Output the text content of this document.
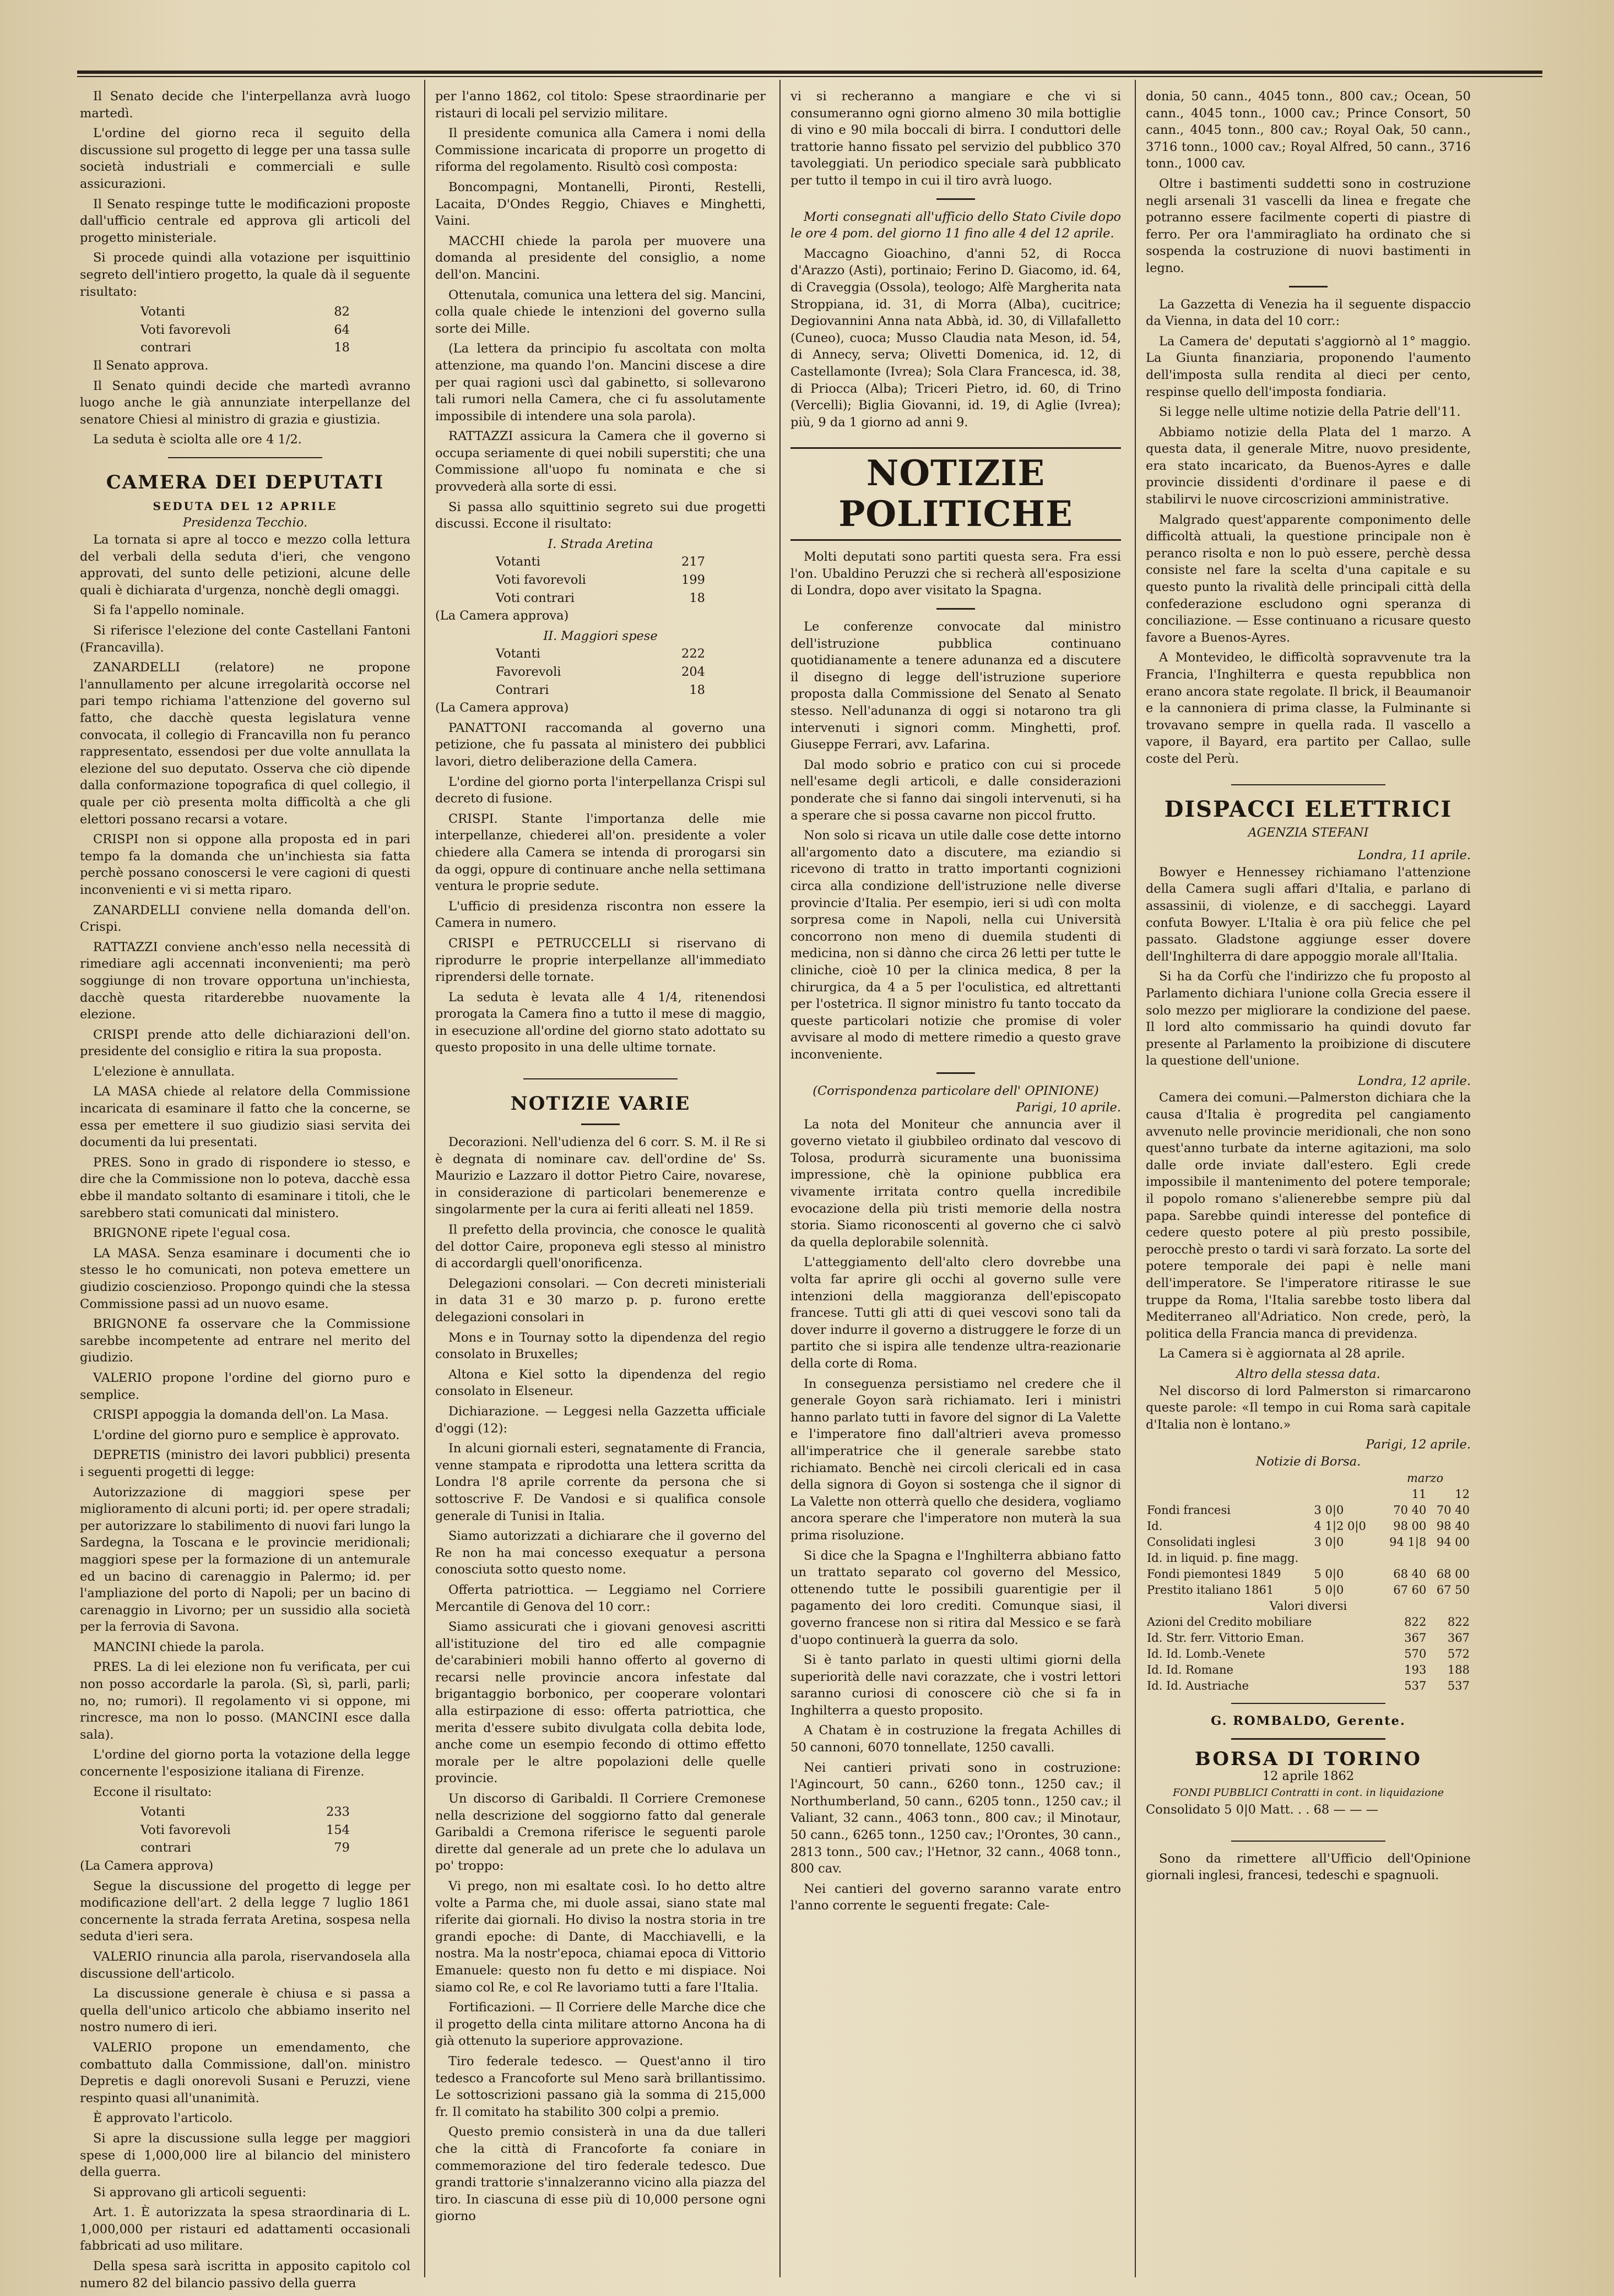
Il Senato decide che l'interpellanza avrà luogo martedì.

L'ordine del giorno reca il seguito della discussione sul progetto di legge per una tassa sulle società industriali e commerciali e sulle assicurazioni.

Il Senato respinge tutte le modificazioni proposte dall'ufficio centrale ed approva gli articoli del progetto ministeriale.

Si procede quindi alla votazione per isquittinio segreto dell'intiero progetto, la quale dà il seguente risultato:

Votanti	82
Voti favorevoli	64
contrari	18

Il Senato approva.

Il Senato quindi decide che martedì avranno luogo anche le già annunziate interpellanze del senatore Chiesi al ministro di grazia e giustizia.

La seduta è sciolta alle ore 4 1/2.

CAMERA DEI DEPUTATI
SEDUTA DEL 12 APRILE
Presidenza Tecchio.

La tornata si apre al tocco e mezzo colla lettura del verbali della seduta d'ieri, che vengono approvati, del sunto delle petizioni, alcune delle quali è dichiarata d'urgenza, nonchè degli omaggi.

Si fa l'appello nominale.

Si riferisce l'elezione del conte Castellani Fantoni (Francavilla).

ZANARDELLI (relatore) ne propone l'annullamento per alcune irregolarità occorse nel pari tempo richiama l'attenzione del governo sul fatto, che dacchè questa legislatura venne convocata, il collegio di Francavilla non fu peranco rappresentato, essendosi per due volte annullata la elezione del suo deputato. Osserva che ciò dipende dalla conformazione topografica di quel collegio, il quale per ciò presenta molta difficoltà a che gli elettori possano recarsi a votare.

CRISPI non si oppone alla proposta ed in pari tempo fa la domanda che un'inchiesta sia fatta perchè possano conoscersi le vere cagioni di questi inconvenienti e vi si metta riparo.

ZANARDELLI conviene nella domanda dell'on. Crispi.

RATTAZZI conviene anch'esso nella necessità di rimediare agli accennati inconvenienti; ma però soggiunge di non trovare opportuna un'inchiesta, dacchè questa ritarderebbe nuovamente la elezione.

CRISPI prende atto delle dichiarazioni dell'on. presidente del consiglio e ritira la sua proposta.

L'elezione è annullata.

LA MASA chiede al relatore della Commissione incaricata di esaminare il fatto che la concerne, se essa per emettere il suo giudizio siasi servita dei documenti da lui presentati.

PRES. Sono in grado di rispondere io stesso, e dire che la Commissione non lo poteva, dacchè essa ebbe il mandato soltanto di esaminare i titoli, che le sarebbero stati comunicati dal ministero.

BRIGNONE ripete l'egual cosa.

LA MASA. Senza esaminare i documenti che io stesso le ho comunicati, non poteva emettere un giudizio coscienzioso. Propongo quindi che la stessa Commissione passi ad un nuovo esame.

BRIGNONE fa osservare che la Commissione sarebbe incompetente ad entrare nel merito del giudizio.

VALERIO propone l'ordine del giorno puro e semplice.

CRISPI appoggia la domanda dell'on. La Masa.

L'ordine del giorno puro e semplice è approvato.

DEPRETIS (ministro dei lavori pubblici) presenta i seguenti progetti di legge:

Autorizzazione di maggiori spese per miglioramento di alcuni porti; id. per opere stradali; per autorizzare lo stabilimento di nuovi fari lungo la Sardegna, la Toscana e le provincie meridionali; maggiori spese per la formazione di un antemurale ed un bacino di carenaggio in Palermo; id. per l'ampliazione del porto di Napoli; per un bacino di carenaggio in Livorno; per un sussidio alla società per la ferrovia di Savona.

MANCINI chiede la parola.

PRES. La di lei elezione non fu verificata, per cui non posso accordarle la parola. (Sì, sì, parli, parli; no, no; rumori). Il regolamento vi si oppone, mi rincresce, ma non lo posso. (MANCINI esce dalla sala).

L'ordine del giorno porta la votazione della legge concernente l'esposizione italiana di Firenze.

Eccone il risultato:

Votanti	233
Voti favorevoli	154
contrari	79

(La Camera approva)

Segue la discussione del progetto di legge per modificazione dell'art. 2 della legge 7 luglio 1861 concernente la strada ferrata Aretina, sospesa nella seduta d'ieri sera.

VALERIO rinuncia alla parola, riservandosela alla discussione dell'articolo.

La discussione generale è chiusa e si passa a quella dell'unico articolo che abbiamo inserito nel nostro numero di ieri.

VALERIO propone un emendamento, che combattuto dalla Commissione, dall'on. ministro Depretis e dagli onorevoli Susani e Peruzzi, viene respinto quasi all'unanimità.

È approvato l'articolo.

Si apre la discussione sulla legge per maggiori spese di 1,000,000 lire al bilancio del ministero della guerra.

Si approvano gli articoli seguenti:

Art. 1. È autorizzata la spesa straordinaria di L. 1,000,000 per ristauri ed adattamenti occasionali fabbricati ad uso militare.

Della spesa sarà iscritta in apposito capitolo col numero 82 del bilancio passivo della guerra

per l'anno 1862, col titolo: Spese straordinarie per ristauri di locali pel servizio militare.

Il presidente comunica alla Camera i nomi della Commissione incaricata di proporre un progetto di riforma del regolamento. Risultò così composta:

Boncompagni, Montanelli, Pironti, Restelli, Lacaita, D'Ondes Reggio, Chiaves e Minghetti, Vaini.

MACCHI chiede la parola per muovere una domanda al presidente del consiglio, a nome dell'on. Mancini.

Ottenutala, comunica una lettera del sig. Mancini, colla quale chiede le intenzioni del governo sulla sorte dei Mille.

(La lettera da principio fu ascoltata con molta attenzione, ma quando l'on. Mancini discese a dire per quai ragioni uscì dal gabinetto, si sollevarono tali rumori nella Camera, che ci fu assolutamente impossibile di intendere una sola parola).

RATTAZZI assicura la Camera che il governo si occupa seriamente di quei nobili superstiti; che una Commissione all'uopo fu nominata e che si provvederà alla sorte di essi.

Si passa allo squittinio segreto sui due progetti discussi. Eccone il risultato:

I. Strada Aretina
Votanti	217
Voti favorevoli	199
Voti contrari	18

(La Camera approva)

II. Maggiori spese
Votanti	222
Favorevoli	204
Contrari	18

(La Camera approva)

PANATTONI raccomanda al governo una petizione, che fu passata al ministero dei pubblici lavori, dietro deliberazione della Camera.

L'ordine del giorno porta l'interpellanza Crispi sul decreto di fusione.

CRISPI. Stante l'importanza delle mie interpellanze, chiederei all'on. presidente a voler chiedere alla Camera se intenda di prorogarsi sin da oggi, oppure di continuare anche nella settimana ventura le proprie sedute.

L'ufficio di presidenza riscontra non essere la Camera in numero.

CRISPI e PETRUCCELLI si riservano di riprodurre le proprie interpellanze all'immediato riprendersi delle tornate.

La seduta è levata alle 4 1/4, ritenendosi prorogata la Camera fino a tutto il mese di maggio, in esecuzione all'ordine del giorno stato adottato su questo proposito in una delle ultime tornate.

NOTIZIE VARIE

Decorazioni. Nell'udienza del 6 corr. S. M. il Re si è degnata di nominare cav. dell'ordine de' Ss. Maurizio e Lazzaro il dottor Pietro Caire, novarese, in considerazione di particolari benemerenze e singolarmente per la cura ai feriti alleati nel 1859.

Il prefetto della provincia, che conosce le qualità del dottor Caire, proponeva egli stesso al ministro di accordargli quell'onorificenza.

Delegazioni consolari. — Con decreti ministeriali in data 31 e 30 marzo p. p. furono erette delegazioni consolari in

Mons e in Tournay sotto la dipendenza del regio consolato in Bruxelles;

Altona e Kiel sotto la dipendenza del regio consolato in Elseneur.

Dichiarazione. — Leggesi nella Gazzetta ufficiale d'oggi (12):

In alcuni giornali esteri, segnatamente di Francia, venne stampata e riprodotta una lettera scritta da Londra l'8 aprile corrente da persona che si sottoscrive F. De Vandosi e si qualifica console generale di Tunisi in Italia.

Siamo autorizzati a dichiarare che il governo del Re non ha mai concesso exequatur a persona conosciuta sotto questo nome.

Offerta patriottica. — Leggiamo nel Corriere Mercantile di Genova del 10 corr.:

Siamo assicurati che i giovani genovesi ascritti all'istituzione del tiro ed alle compagnie de'carabinieri mobili hanno offerto al governo di recarsi nelle provincie ancora infestate dal brigantaggio borbonico, per cooperare volontari alla estirpazione di esso: offerta patriottica, che merita d'essere subito divulgata colla debita lode, anche come un esempio fecondo di ottimo effetto morale per le altre popolazioni delle quelle provincie.

Un discorso di Garibaldi. Il Corriere Cremonese nella descrizione del soggiorno fatto dal generale Garibaldi a Cremona riferisce le seguenti parole dirette dal generale ad un prete che lo adulava un po' troppo:

Vi prego, non mi esaltate così. Io ho detto altre volte a Parma che, mi duole assai, siano state mal riferite dai giornali. Ho diviso la nostra storia in tre grandi epoche: di Dante, di Macchiavelli, e la nostra. Ma la nostr'epoca, chiamai epoca di Vittorio Emanuele: questo non fu detto e mi dispiace. Noi siamo col Re, e col Re lavoriamo tutti a fare l'Italia.

Fortificazioni. — Il Corriere delle Marche dice che il progetto della cinta militare attorno Ancona ha di già ottenuto la superiore approvazione.

Tiro federale tedesco. — Quest'anno il tiro tedesco a Francoforte sul Meno sarà brillantissimo. Le sottoscrizioni passano già la somma di 215,000 fr. Il comitato ha stabilito 300 colpi a premio.

Questo premio consisterà in una da due talleri che la città di Francoforte fa coniare in commemorazione del tiro federale tedesco. Due grandi trattorie s'innalzeranno vicino alla piazza del tiro. In ciascuna di esse più di 10,000 persone ogni giorno

vi si recheranno a mangiare e che vi si consumeranno ogni giorno almeno 30 mila bottiglie di vino e 90 mila boccali di birra. I conduttori delle trattorie hanno fissato pel servizio del pubblico 370 tavoleggiati. Un periodico speciale sarà pubblicato per tutto il tempo in cui il tiro avrà luogo.

Morti consegnati all'ufficio dello Stato Civile dopo le ore 4 pom. del giorno 11 fino alle 4 del 12 aprile.

Maccagno Gioachino, d'anni 52, di Rocca d'Arazzo (Asti), portinaio; Ferino D. Giacomo, id. 64, di Craveggia (Ossola), teologo; Alfè Margherita nata Stroppiana, id. 31, di Morra (Alba), cucitrice; Degiovannini Anna nata Abbà, id. 30, di Villafalletto (Cuneo), cuoca; Musso Claudia nata Meson, id. 54, di Annecy, serva; Olivetti Domenica, id. 12, di Castellamonte (Ivrea); Sola Clara Francesca, id. 38, di Priocca (Alba); Triceri Pietro, id. 60, di Trino (Vercelli); Biglia Giovanni, id. 19, di Aglie (Ivrea); più, 9 da 1 giorno ad anni 9.

NOTIZIE POLITICHE

Molti deputati sono partiti questa sera. Fra essi l'on. Ubaldino Peruzzi che si recherà all'esposizione di Londra, dopo aver visitato la Spagna.

Le conferenze convocate dal ministro dell'istruzione pubblica continuano quotidianamente a tenere adunanza ed a discutere il disegno di legge dell'istruzione superiore proposta dalla Commissione del Senato al Senato stesso. Nell'adunanza di oggi si notarono tra gli intervenuti i signori comm. Minghetti, prof. Giuseppe Ferrari, avv. Lafarina.

Dal modo sobrio e pratico con cui si procede nell'esame degli articoli, e dalle considerazioni ponderate che si fanno dai singoli intervenuti, si ha a sperare che si possa cavarne non piccol frutto.

Non solo si ricava un utile dalle cose dette intorno all'argomento dato a discutere, ma eziandio si ricevono di tratto in tratto importanti cognizioni circa alla condizione dell'istruzione nelle diverse provincie d'Italia. Per esempio, ieri si udì con molta sorpresa come in Napoli, nella cui Università concorrono non meno di duemila studenti di medicina, non si dànno che circa 26 letti per tutte le cliniche, cioè 10 per la clinica medica, 8 per la chirurgica, da 4 a 5 per l'oculistica, ed altrettanti per l'ostetrica. Il signor ministro fu tanto toccato da queste particolari notizie che promise di voler avvisare al modo di mettere rimedio a questo grave inconveniente.

(Corrispondenza particolare dell' OPINIONE)
Parigi, 10 aprile.

La nota del Moniteur che annuncia aver il governo vietato il giubbileo ordinato dal vescovo di Tolosa, produrrà sicuramente una buonissima impressione, chè la opinione pubblica era vivamente irritata contro quella incredibile evocazione della più tristi memorie della nostra storia. Siamo riconoscenti al governo che ci salvò da quella deplorabile solennità.

L'atteggiamento dell'alto clero dovrebbe una volta far aprire gli occhi al governo sulle vere intenzioni della maggioranza dell'episcopato francese. Tutti gli atti di quei vescovi sono tali da dover indurre il governo a distruggere le forze di un partito che si ispira alle tendenze ultra-reazionarie della corte di Roma.

In conseguenza persistiamo nel credere che il generale Goyon sarà richiamato. Ieri i ministri hanno parlato tutti in favore del signor di La Valette e l'imperatore fino dall'altrieri aveva promesso all'imperatrice che il generale sarebbe stato richiamato. Benchè nei circoli clericali ed in casa della signora di Goyon si sostenga che il signor di La Valette non otterrà quello che desidera, vogliamo ancora sperare che l'imperatore non muterà la sua prima risoluzione.

Si dice che la Spagna e l'Inghilterra abbiano fatto un trattato separato col governo del Messico, ottenendo tutte le possibili guarentigie per il pagamento dei loro crediti. Comunque siasi, il governo francese non si ritira dal Messico e se farà d'uopo continuerà la guerra da solo.

Si è tanto parlato in questi ultimi giorni della superiorità delle navi corazzate, che i vostri lettori saranno curiosi di conoscere ciò che si fa in Inghilterra a questo proposito.

A Chatam è in costruzione la fregata Achilles di 50 cannoni, 6070 tonnellate, 1250 cavalli.

Nei cantieri privati sono in costruzione: l'Agincourt, 50 cann., 6260 tonn., 1250 cav.; il Northumberland, 50 cann., 6205 tonn., 1250 cav.; il Valiant, 32 cann., 4063 tonn., 800 cav.; il Minotaur, 50 cann., 6265 tonn., 1250 cav.; l'Orontes, 30 cann., 2813 tonn., 500 cav.; l'Hetnor, 32 cann., 4068 tonn., 800 cav.

Nei cantieri del governo saranno varate entro l'anno corrente le seguenti fregate: Cale-

donia, 50 cann., 4045 tonn., 800 cav.; Ocean, 50 cann., 4045 tonn., 1000 cav.; Prince Consort, 50 cann., 4045 tonn., 800 cav.; Royal Oak, 50 cann., 3716 tonn., 1000 cav.; Royal Alfred, 50 cann., 3716 tonn., 1000 cav.

Oltre i bastimenti suddetti sono in costruzione negli arsenali 31 vascelli da linea e fregate che potranno essere facilmente coperti di piastre di ferro. Per ora l'ammiragliato ha ordinato che si sospenda la costruzione di nuovi bastimenti in legno.

La Gazzetta di Venezia ha il seguente dispaccio da Vienna, in data del 10 corr.:

La Camera de' deputati s'aggiornò al 1° maggio. La Giunta finanziaria, proponendo l'aumento dell'imposta sulla rendita al dieci per cento, respinse quello dell'imposta fondiaria.

Si legge nelle ultime notizie della Patrie dell'11.

Abbiamo notizie della Plata del 1 marzo. A questa data, il generale Mitre, nuovo presidente, era stato incaricato, da Buenos-Ayres e dalle provincie dissidenti d'ordinare il paese e di stabilirvi le nuove circoscrizioni amministrative.

Malgrado quest'apparente componimento delle difficoltà attuali, la questione principale non è peranco risolta e non lo può essere, perchè dessa consiste nel fare la scelta d'una capitale e su questo punto la rivalità delle principali città della confederazione escludono ogni speranza di conciliazione. — Esse continuano a ricusare questo favore a Buenos-Ayres.

A Montevideo, le difficoltà sopravvenute tra la Francia, l'Inghilterra e questa repubblica non erano ancora state regolate. Il brick, il Beaumanoir e la cannoniera di prima classe, la Fulminante si trovavano sempre in quella rada. Il vascello a vapore, il Bayard, era partito per Callao, sulle coste del Perù.

DISPACCI ELETTRICI
AGENZIA STEFANI
Londra, 11 aprile.

Bowyer e Hennessey richiamano l'attenzione della Camera sugli affari d'Italia, e parlano di assassinii, di violenze, e di saccheggi. Layard confuta Bowyer. L'Italia è ora più felice che pel passato. Gladstone aggiunge esser dovere dell'Inghilterra di dare appoggio morale all'Italia.

Si ha da Corfù che l'indirizzo che fu proposto al Parlamento dichiara l'unione colla Grecia essere il solo mezzo per migliorare la condizione del paese. Il lord alto commissario ha quindi dovuto far presente al Parlamento la proibizione di discutere la questione dell'unione.

Londra, 12 aprile.

Camera dei comuni.—Palmerston dichiara che la causa d'Italia è progredita pel cangiamento avvenuto nelle provincie meridionali, che non sono quest'anno turbate da interne agitazioni, ma solo dalle orde inviate dall'estero. Egli crede impossibile il mantenimento del potere temporale; il popolo romano s'alienerebbe sempre più dal papa. Sarebbe quindi interesse del pontefice di cedere questo potere al più presto possibile, perocchè presto o tardi vi sarà forzato. La sorte del potere temporale dei papi è nelle mani dell'imperatore. Se l'imperatore ritirasse le sue truppe da Roma, l'Italia sarebbe tosto libera dal Mediterraneo all'Adriatico. Non crede, però, la politica della Francia manca di previdenza.

La Camera si è aggiornata al 28 aprile.

Altro della stessa data.

Nel discorso di lord Palmerston si rimarcarono queste parole: «Il tempo in cui Roma sarà capitale d'Italia non è lontano.»

Parigi, 12 aprile.
Notizie di Borsa.
		marzo	
		11	12
Fondi francesi	3 0|0	70 40	70 40
Id.	4 1|2 0|0	98 00	98 40
Consolidati inglesi	3 0|0	94 1|8	94 00
Id. in liquid. p. fine magg.			
Fondi piemontesi 1849	5 0|0	68 40	68 00
Prestito italiano 1861	5 0|0	67 60	67 50
Valori diversi			
Azioni del Credito mobiliare		822	822
Id. Str. ferr. Vittorio Eman.		367	367
Id. Id. Lomb.-Venete		570	572
Id. Id. Romane		193	188
Id. Id. Austriache		537	537
G. ROMBALDO, Gerente.
BORSA DI TORINO
12 aprile 1862
FONDI PUBBLICI Contratti in cont. in liquidazione
Consolidato 5 0|0 Matt. . . 68 — — —

Sono da rimettere all'Ufficio dell'Opinione giornali inglesi, francesi, tedeschi e spagnuoli.
